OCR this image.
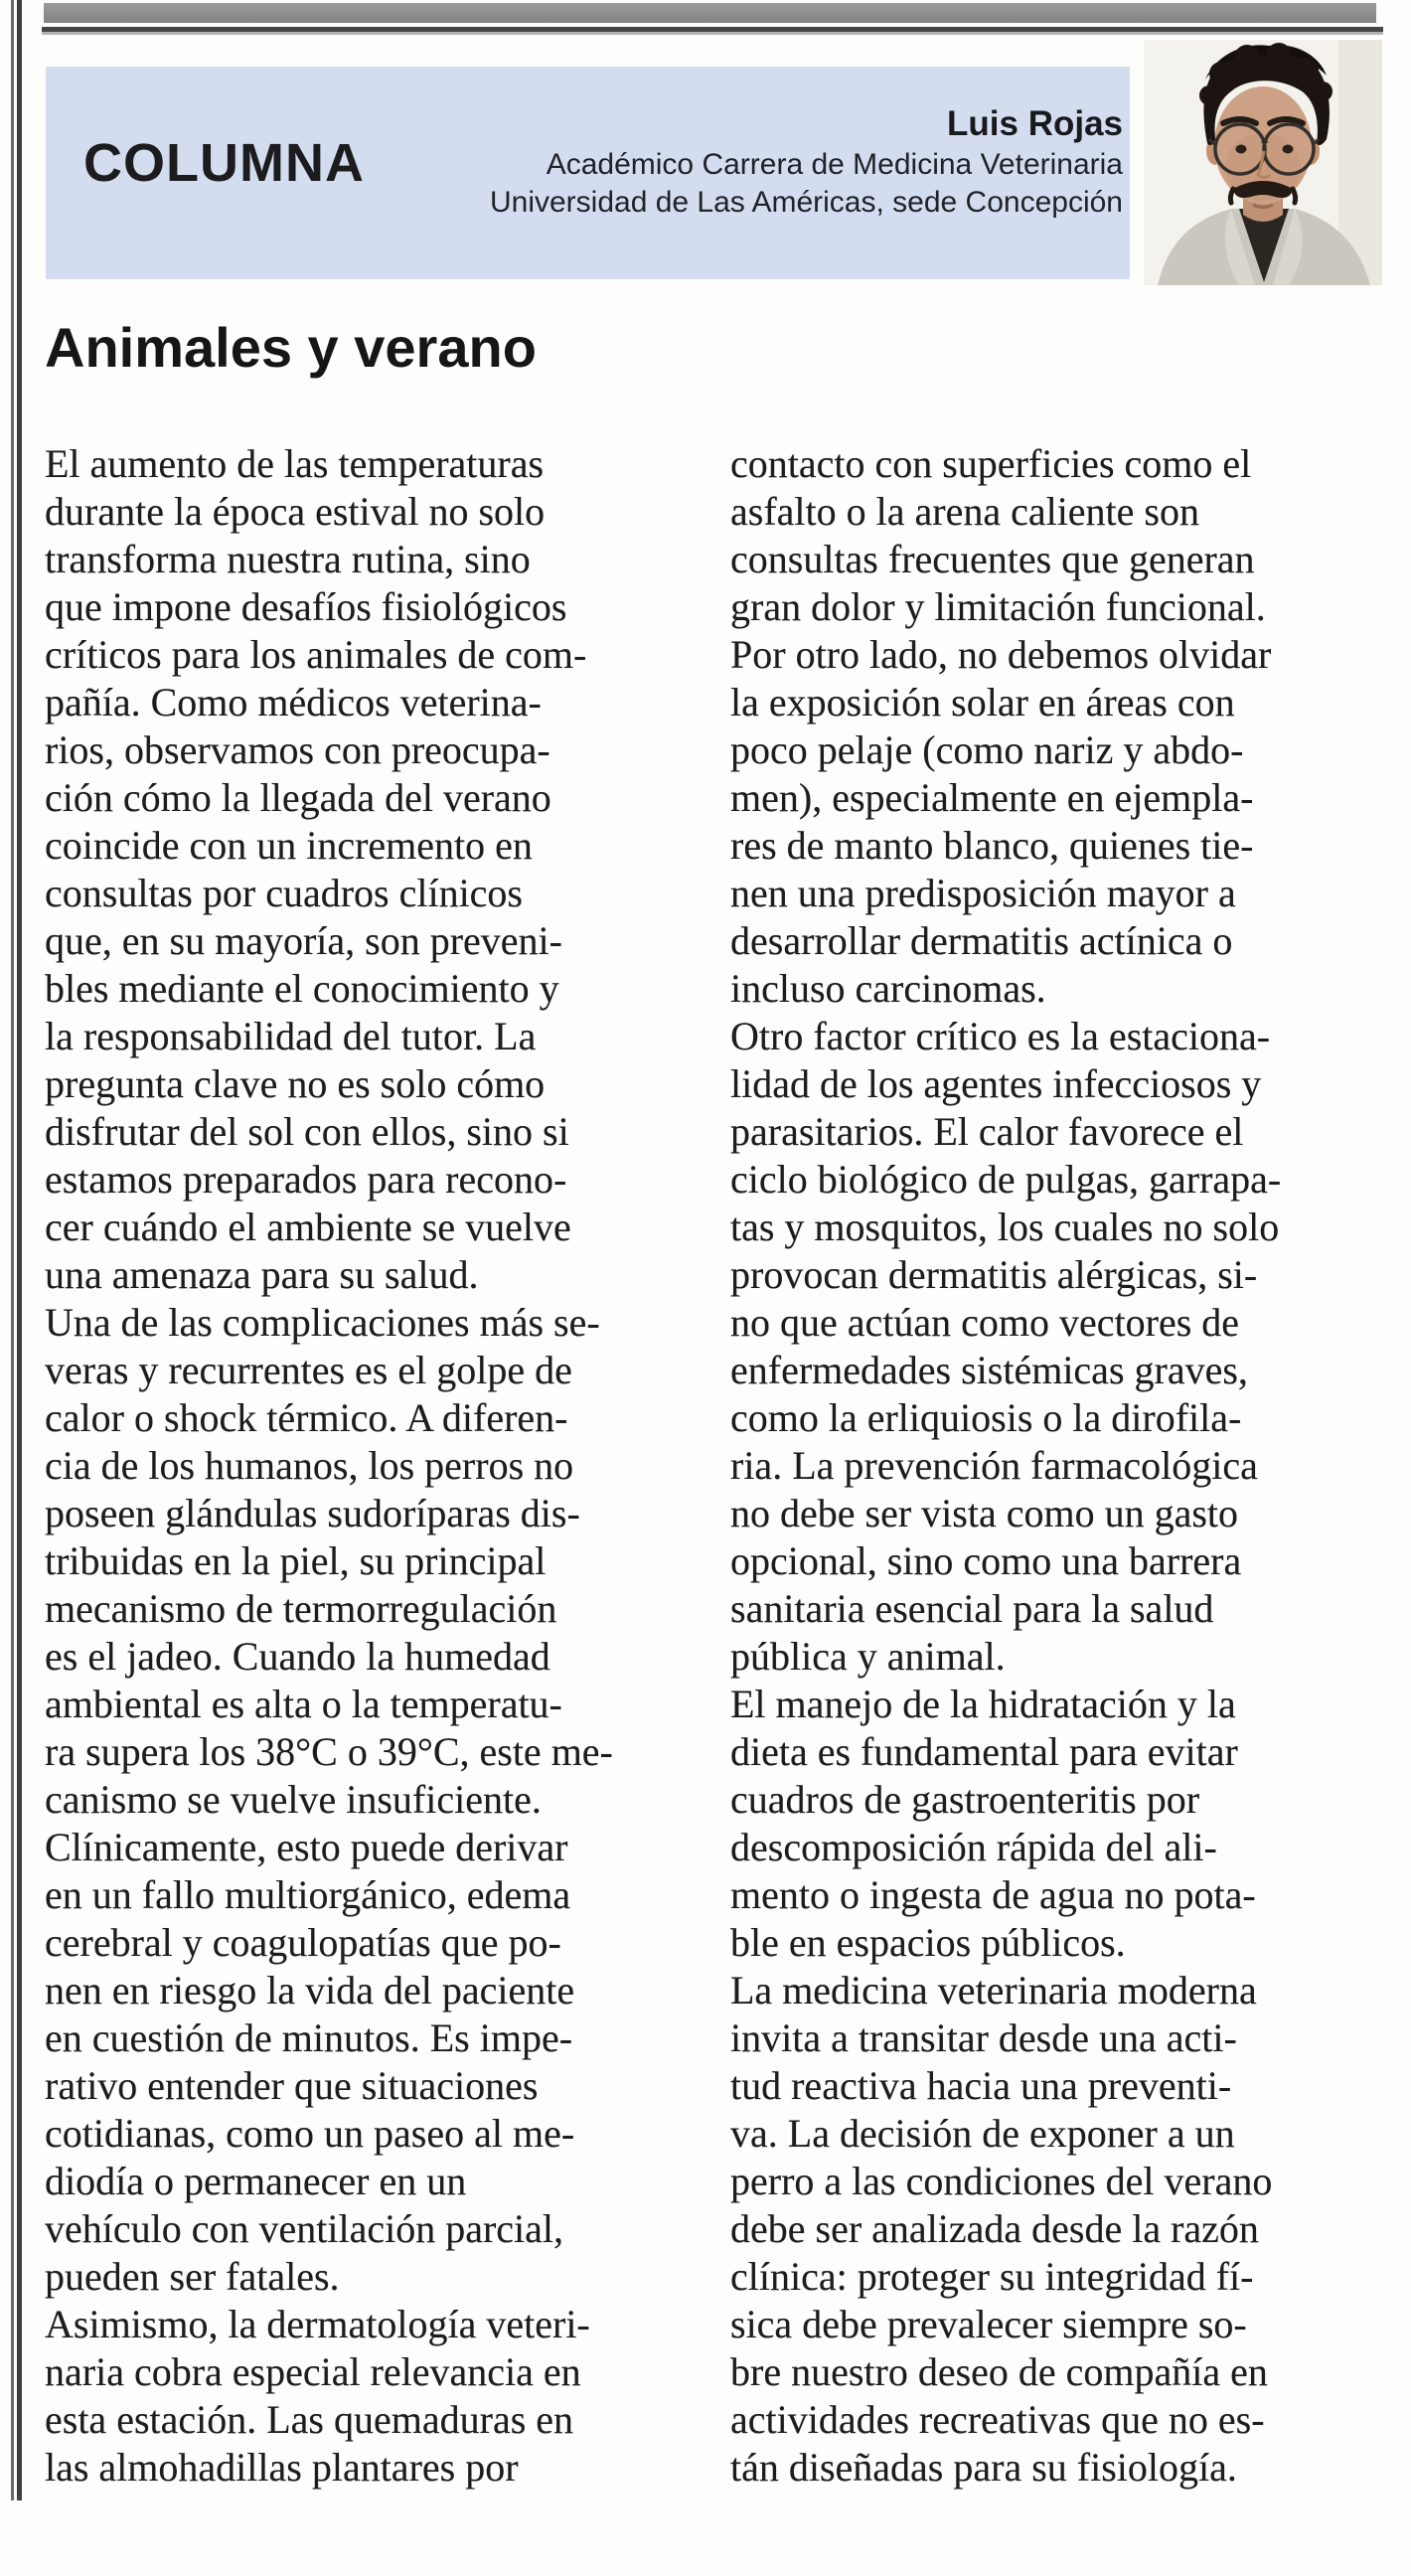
COLUMNA
Luis Rojas
Académico Carrera de Medicina Veterinaria
Universidad de Las Américas, sede Concepción
Animales y verano
El aumento de las temperaturas
durante la época estival no solo
transforma nuestra rutina, sino
que impone desafíos fisiológicos
críticos para los animales de com-
pañía. Como médicos veterina-
rios, observamos con preocupa-
ción cómo la llegada del verano
coincide con un incremento en
consultas por cuadros clínicos
que, en su mayoría, son preveni-
bles mediante el conocimiento y
la responsabilidad del tutor. La
pregunta clave no es solo cómo
disfrutar del sol con ellos, sino si
estamos preparados para recono-
cer cuándo el ambiente se vuelve
una amenaza para su salud.
Una de las complicaciones más se-
veras y recurrentes es el golpe de
calor o shock térmico. A diferen-
cia de los humanos, los perros no
poseen glándulas sudoríparas dis-
tribuidas en la piel, su principal
mecanismo de termorregulación
es el jadeo. Cuando la humedad
ambiental es alta o la temperatu-
ra supera los 38°C o 39°C, este me-
canismo se vuelve insuficiente.
Clínicamente, esto puede derivar
en un fallo multiorgánico, edema
cerebral y coagulopatías que po-
nen en riesgo la vida del paciente
en cuestión de minutos. Es impe-
rativo entender que situaciones
cotidianas, como un paseo al me-
diodía o permanecer en un
vehículo con ventilación parcial,
pueden ser fatales.
Asimismo, la dermatología veteri-
naria cobra especial relevancia en
esta estación. Las quemaduras en
las almohadillas plantares por
contacto con superficies como el
asfalto o la arena caliente son
consultas frecuentes que generan
gran dolor y limitación funcional.
Por otro lado, no debemos olvidar
la exposición solar en áreas con
poco pelaje (como nariz y abdo-
men), especialmente en ejempla-
res de manto blanco, quienes tie-
nen una predisposición mayor a
desarrollar dermatitis actínica o
incluso carcinomas.
Otro factor crítico es la estaciona-
lidad de los agentes infecciosos y
parasitarios. El calor favorece el
ciclo biológico de pulgas, garrapa-
tas y mosquitos, los cuales no solo
provocan dermatitis alérgicas, si-
no que actúan como vectores de
enfermedades sistémicas graves,
como la erliquiosis o la dirofila-
ria. La prevención farmacológica
no debe ser vista como un gasto
opcional, sino como una barrera
sanitaria esencial para la salud
pública y animal.
El manejo de la hidratación y la
dieta es fundamental para evitar
cuadros de gastroenteritis por
descomposición rápida del ali-
mento o ingesta de agua no pota-
ble en espacios públicos.
La medicina veterinaria moderna
invita a transitar desde una acti-
tud reactiva hacia una preventi-
va. La decisión de exponer a un
perro a las condiciones del verano
debe ser analizada desde la razón
clínica: proteger su integridad fí-
sica debe prevalecer siempre so-
bre nuestro deseo de compañía en
actividades recreativas que no es-
tán diseñadas para su fisiología.
